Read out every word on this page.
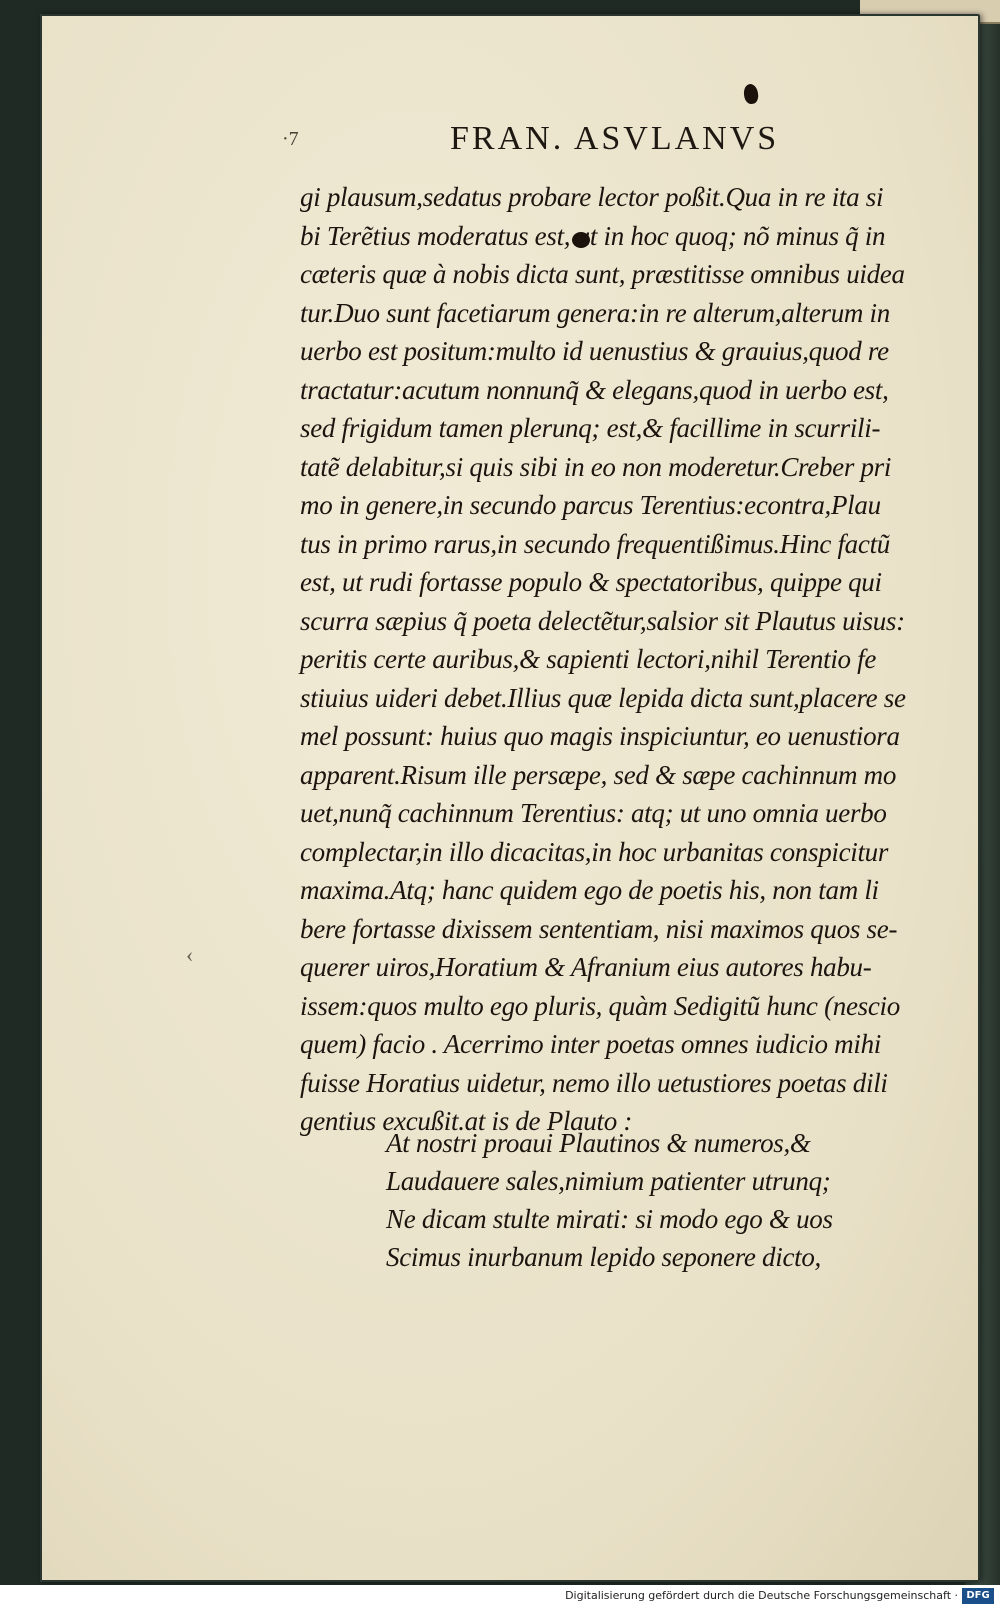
·7	FRAN. ASVLANVS
gi plausum,sedatus probare lector poßit.Qua in re ita si
bi Terẽtius moderatus est, ut in hoc quoq; nõ minus q̃ in
cæteris quæ à nobis dicta sunt, præstitisse omnibus uidea
tur.Duo sunt facetiarum genera:in re alterum,alterum in
uerbo est positum:multo id uenustius & grauius,quod re
tractatur:acutum nonnunq̃ & elegans,quod in uerbo est,
sed frigidum tamen plerunq; est,& facillime in scurrili-
tatẽ delabitur,si quis sibi in eo non moderetur.Creber pri
mo in genere,in secundo parcus Terentius:econtra,Plau
tus in primo rarus,in secundo frequentißimus.Hinc factũ
est, ut rudi fortasse populo & spectatoribus, quippe qui
scurra sæpius q̃ poeta delectẽtur,salsior sit Plautus uisus:
peritis certe auribus,& sapienti lectori,nihil Terentio fe
stiuius uideri debet.Illius quæ lepida dicta sunt,placere se
mel possunt: huius quo magis inspiciuntur, eo uenustiora
apparent.Risum ille persæpe, sed & sæpe cachinnum mo
uet,nunq̃ cachinnum Terentius: atq; ut uno omnia uerbo
complectar,in illo dicacitas,in hoc urbanitas conspicitur
maxima.Atq; hanc quidem ego de poetis his, non tam li
bere fortasse dixissem sententiam, nisi maximos quos se-
querer uiros,Horatium & Afranium eius autores habu-
issem:quos multo ego pluris, quàm Sedigitũ hunc (nescio
quem) facio . Acerrimo inter poetas omnes iudicio mihi
fuisse Horatius uidetur, nemo illo uetustiores poetas dili
gentius excußit.at is de Plauto :
At nostri proaui Plautinos & numeros,&
Laudauere sales,nimium patienter utrunq;
Ne dicam stulte mirati: si modo ego & uos
Scimus inurbanum lepido seponere dicto,
‹
Digitalisierung gefördert durch die Deutsche Forschungsgemeinschaft · DFG
